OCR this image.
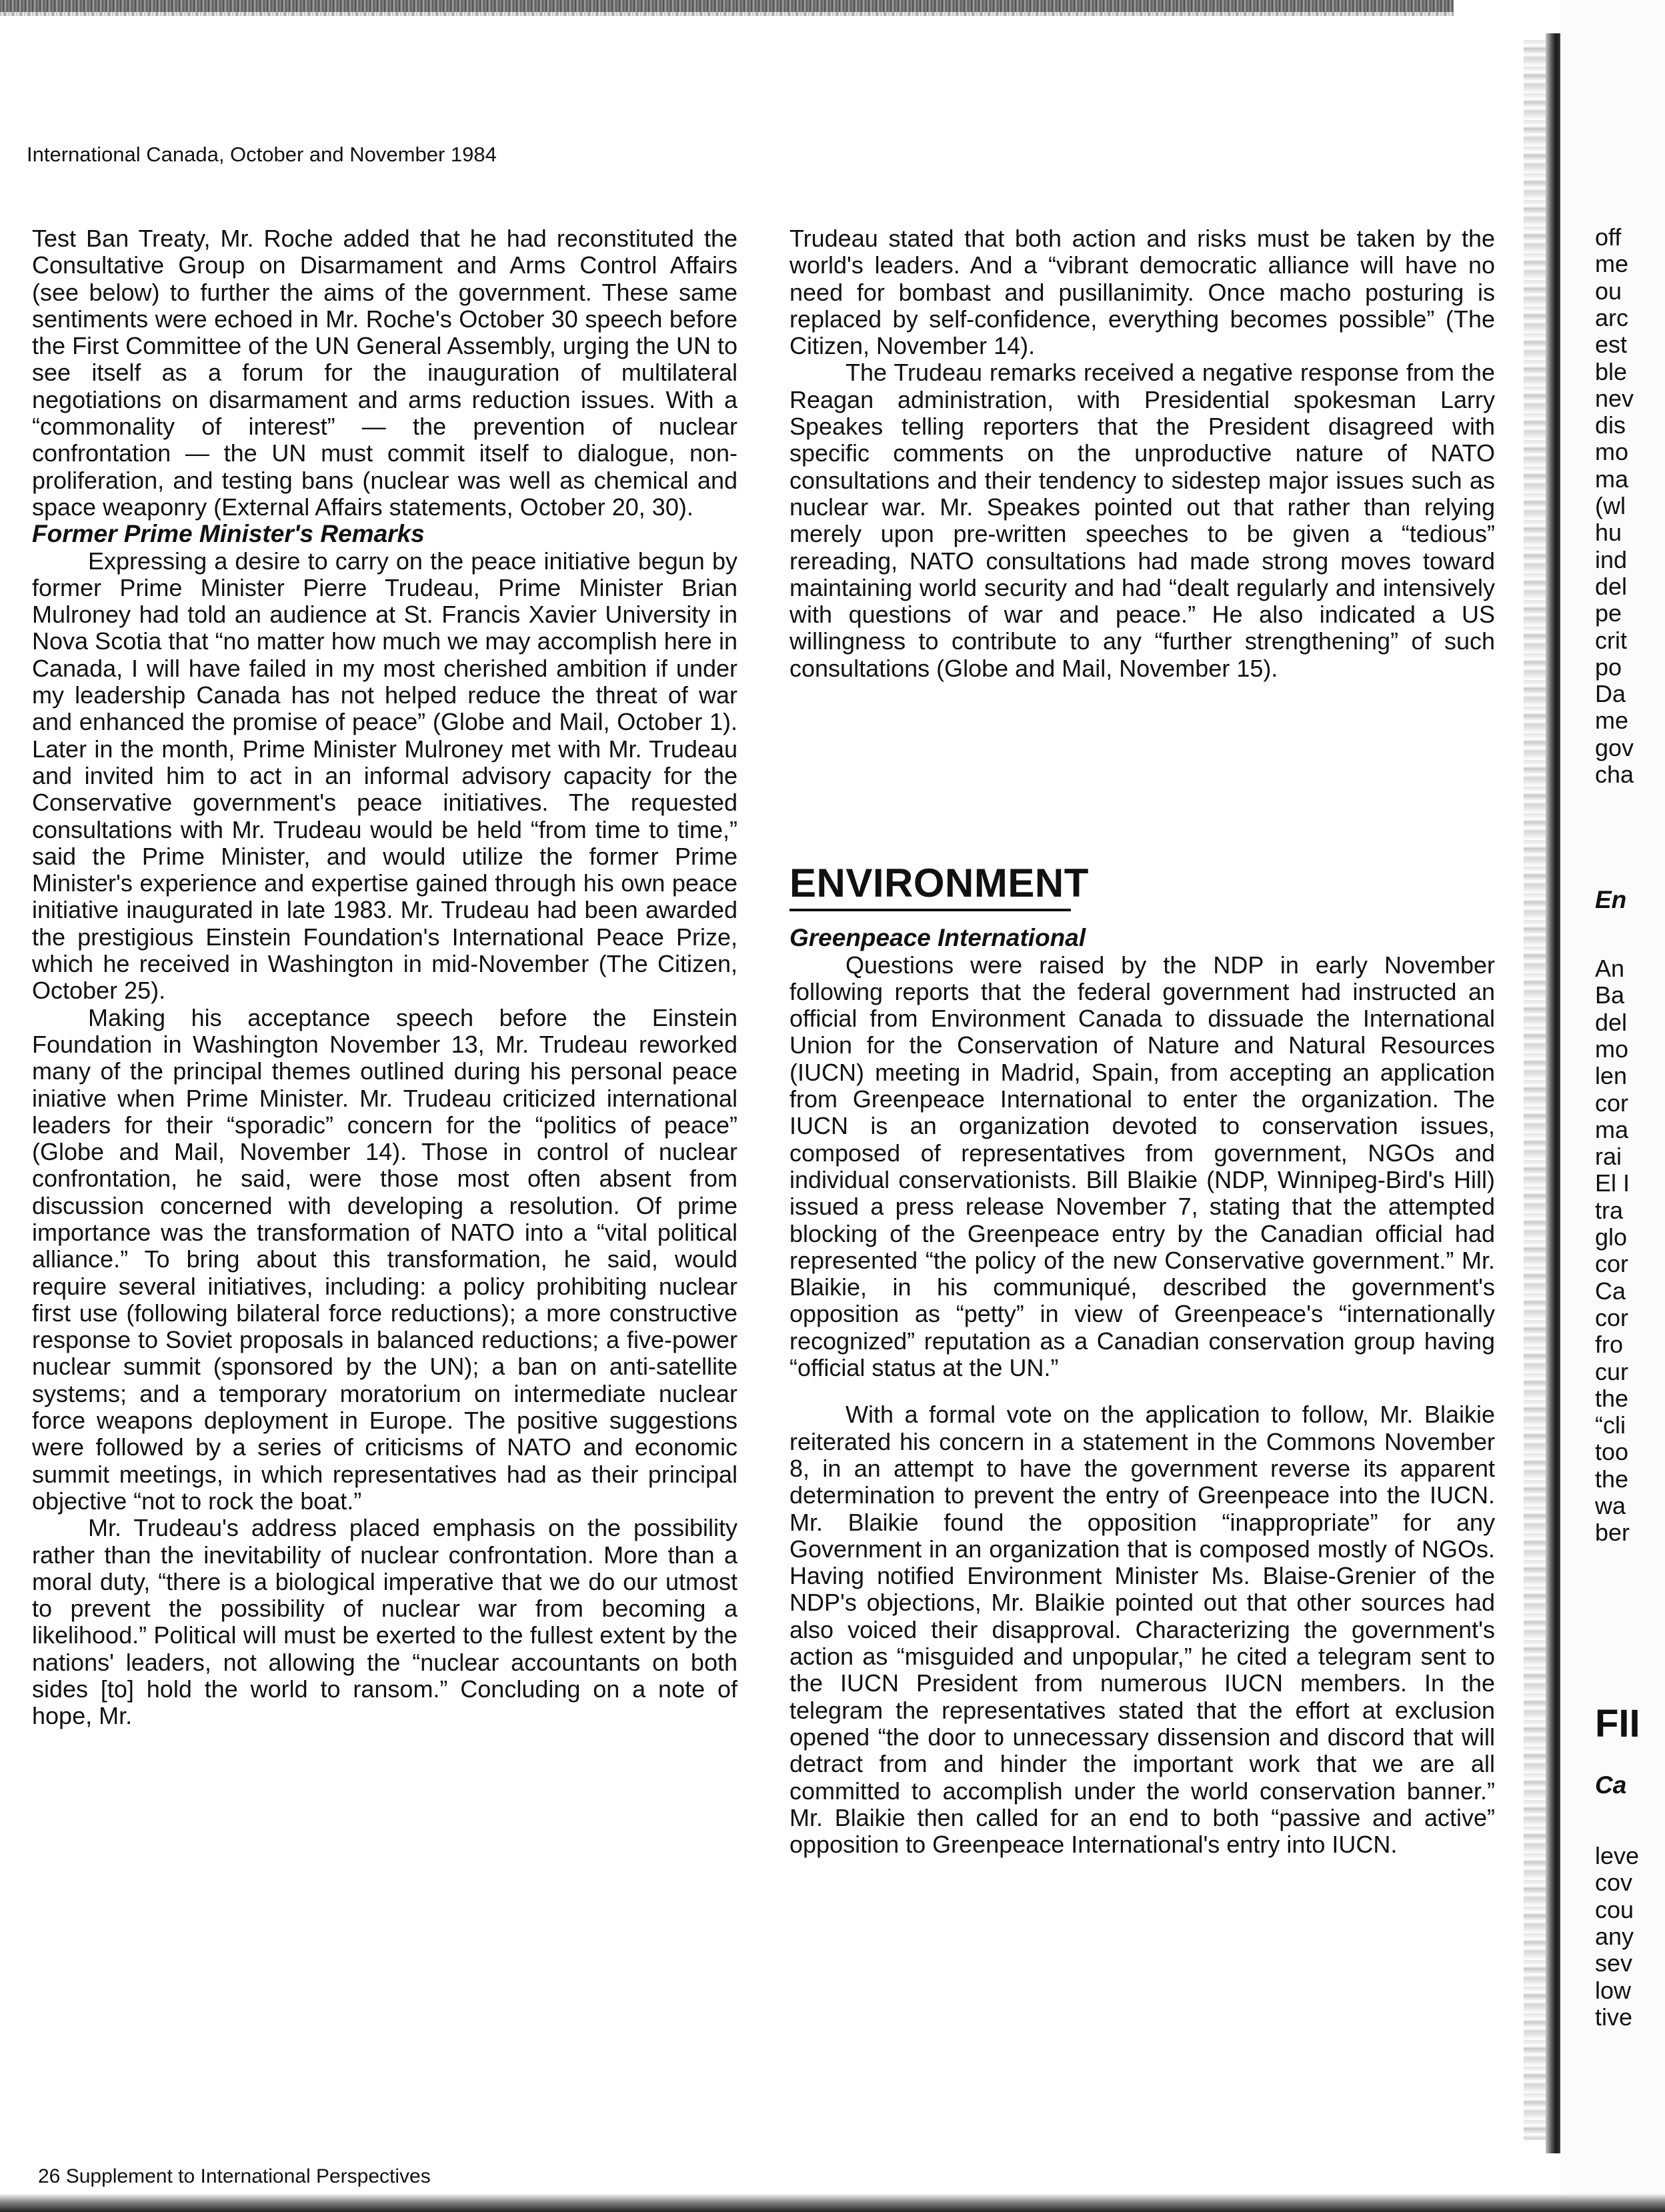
International Canada, October and November 1984

Test Ban Treaty, Mr. Roche added that he had reconstituted the Consultative Group on Disarmament and Arms Control Affairs (see below) to further the aims of the government. These same sentiments were echoed in Mr. Roche's October 30 speech before the First Committee of the UN General Assembly, urging the UN to see itself as a forum for the inauguration of multilateral negotiations on disarmament and arms reduction issues. With a “commonality of interest” — the prevention of nuclear confrontation — the UN must commit itself to dialogue, non-proliferation, and testing bans (nuclear was well as chemical and space weaponry (External Affairs statements, October 20, 30).

Former Prime Minister's Remarks

Expressing a desire to carry on the peace initiative begun by former Prime Minister Pierre Trudeau, Prime Minister Brian Mulroney had told an audience at St. Francis Xavier University in Nova Scotia that “no matter how much we may accomplish here in Canada, I will have failed in my most cherished ambition if under my leadership Canada has not helped reduce the threat of war and enhanced the promise of peace” (Globe and Mail, October 1). Later in the month, Prime Minister Mulroney met with Mr. Trudeau and invited him to act in an informal advisory capacity for the Conservative government's peace initiatives. The requested consultations with Mr. Trudeau would be held “from time to time,” said the Prime Minister, and would utilize the former Prime Minister's experience and expertise gained through his own peace initiative inaugurated in late 1983. Mr. Trudeau had been awarded the prestigious Einstein Foundation's International Peace Prize, which he received in Washington in mid-November (The Citizen, October 25).

Making his acceptance speech before the Einstein Foundation in Washington November 13, Mr. Trudeau reworked many of the principal themes outlined during his personal peace iniative when Prime Minister. Mr. Trudeau criticized international leaders for their “sporadic” concern for the “politics of peace” (Globe and Mail, November 14). Those in control of nuclear confrontation, he said, were those most often absent from discussion concerned with developing a resolution. Of prime importance was the transformation of NATO into a “vital political alliance.” To bring about this transformation, he said, would require several initiatives, including: a policy prohibiting nuclear first use (following bilateral force reductions); a more constructive response to Soviet proposals in balanced reductions; a five-power nuclear summit (sponsored by the UN); a ban on anti-satellite systems; and a temporary moratorium on intermediate nuclear force weapons deployment in Europe. The positive suggestions were followed by a series of criticisms of NATO and economic summit meetings, in which representatives had as their principal objective “not to rock the boat.”

Mr. Trudeau's address placed emphasis on the possibility rather than the inevitability of nuclear confrontation. More than a moral duty, “there is a biological imperative that we do our utmost to prevent the possibility of nuclear war from becoming a likelihood.” Political will must be exerted to the fullest extent by the nations' leaders, not allowing the “nuclear accountants on both sides [to] hold the world to ransom.” Concluding on a note of hope, Mr.

Trudeau stated that both action and risks must be taken by the world's leaders. And a “vibrant democratic alliance will have no need for bombast and pusillanimity. Once macho posturing is replaced by self-confidence, everything becomes possible” (The Citizen, November 14).

The Trudeau remarks received a negative response from the Reagan administration, with Presidential spokesman Larry Speakes telling reporters that the President disagreed with specific comments on the unproductive nature of NATO consultations and their tendency to sidestep major issues such as nuclear war. Mr. Speakes pointed out that rather than relying merely upon pre-written speeches to be given a “tedious” rereading, NATO consultations had made strong moves toward maintaining world security and had “dealt regularly and intensively with questions of war and peace.” He also indicated a US willingness to contribute to any “further strengthening” of such consultations (Globe and Mail, November 15).

ENVIRONMENT

Greenpeace International

Questions were raised by the NDP in early November following reports that the federal government had instructed an official from Environment Canada to dissuade the International Union for the Conservation of Nature and Natural Resources (IUCN) meeting in Madrid, Spain, from accepting an application from Greenpeace International to enter the organization. The IUCN is an organization devoted to conservation issues, composed of representatives from government, NGOs and individual conservationists. Bill Blaikie (NDP, Winnipeg-Bird's Hill) issued a press release November 7, stating that the attempted blocking of the Greenpeace entry by the Canadian official had represented “the policy of the new Conservative government.” Mr. Blaikie, in his communiqué, described the government's opposition as “petty” in view of Greenpeace's “internationally recognized” reputation as a Canadian conservation group having “official status at the UN.”

With a formal vote on the application to follow, Mr. Blaikie reiterated his concern in a statement in the Commons November 8, in an attempt to have the government reverse its apparent determination to prevent the entry of Greenpeace into the IUCN. Mr. Blaikie found the opposition “inappropriate” for any Government in an organization that is composed mostly of NGOs. Having notified Environment Minister Ms. Blaise-Grenier of the NDP's objections, Mr. Blaikie pointed out that other sources had also voiced their disapproval. Characterizing the government's action as “misguided and unpopular,” he cited a telegram sent to the IUCN President from numerous IUCN members. In the telegram the representatives stated that the effort at exclusion opened “the door to unnecessary dissension and discord that will detract from and hinder the important work that we are all committed to accomplish under the world conservation banner.” Mr. Blaikie then called for an end to both “passive and active” opposition to Greenpeace International's entry into IUCN.

26 Supplement to International Perspectives

off

me

ou

arc

est

ble

nev

dis

mo

ma

(wl

hu

ind

del

pe

crit

po

Da

me

gov

cha

En

An

Ba

del

mo

len

cor

ma

rai

El I

tra

glo

cor

Ca

cor

fro

cur

the

“cli

too

the

wa

ber

FII

Ca

leve

cov

cou

any

sev

low

tive
